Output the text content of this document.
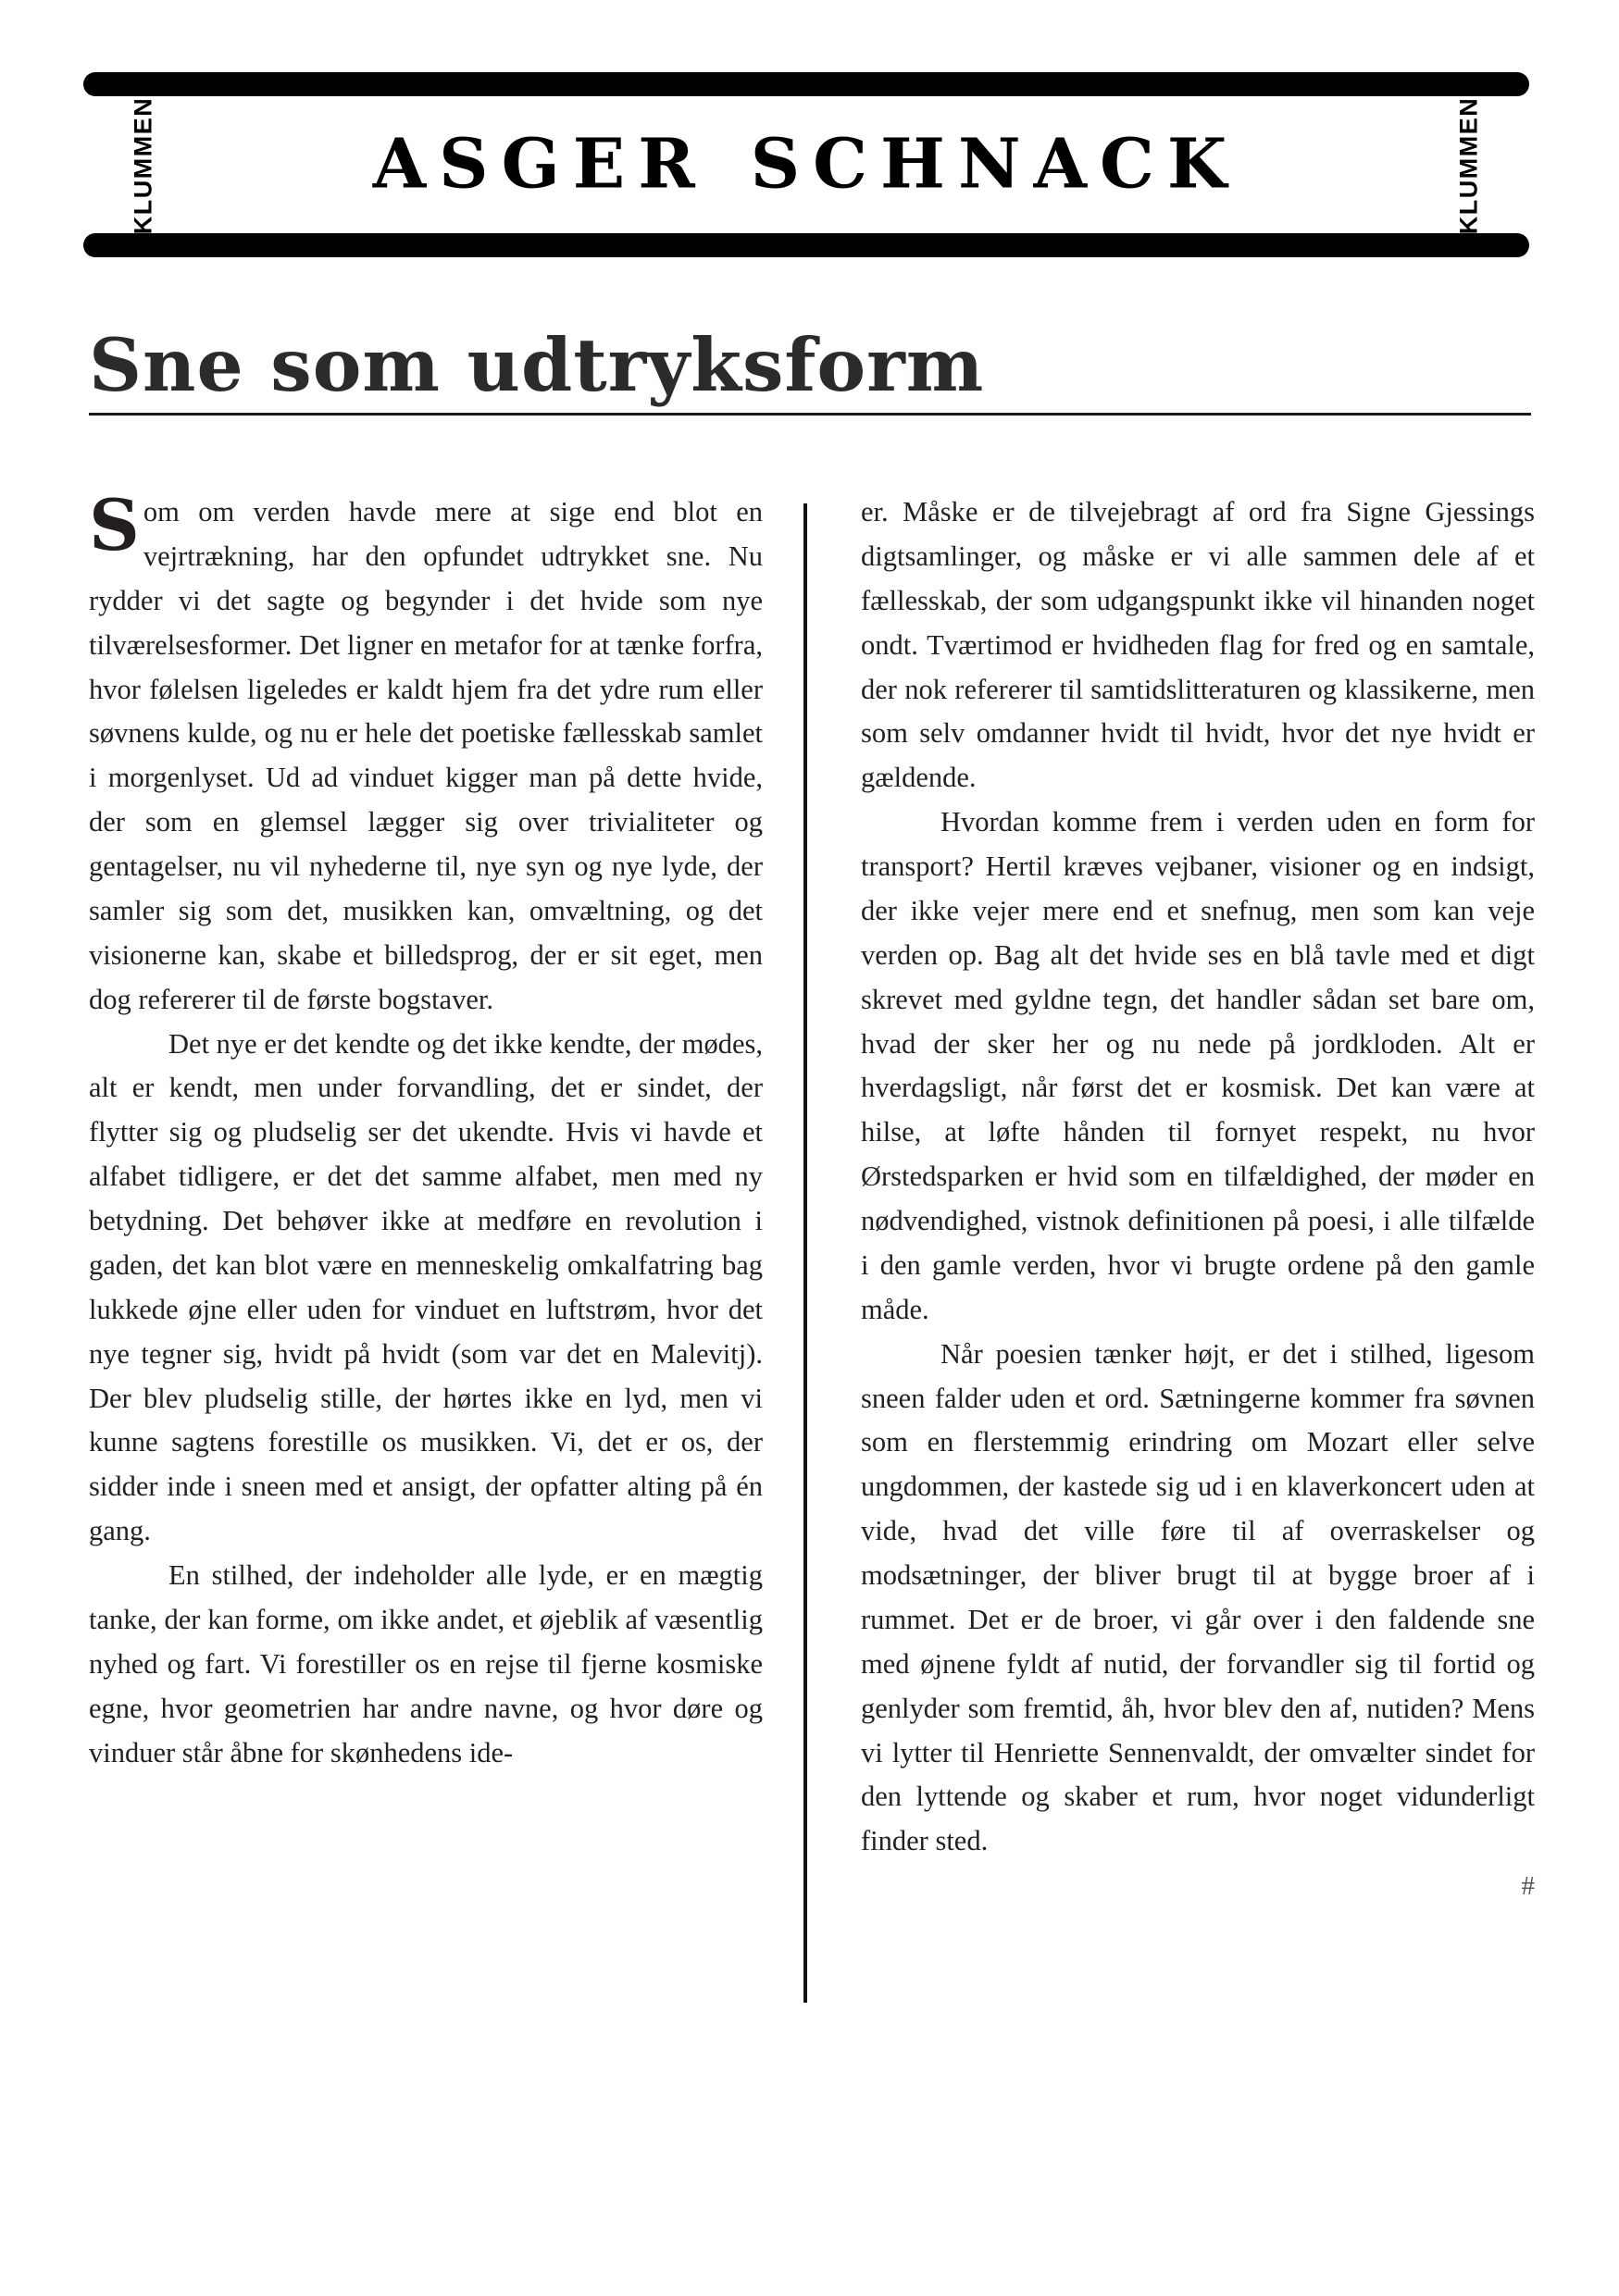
KLUMMEN	ASGER SCHNACK	KLUMMEN
Sne som udtryksform

Som om verden havde mere at sige end blot en vejrtrækning, har den opfundet udtrykket sne. Nu rydder vi det sagte og begynder i det hvide som nye tilværelsesformer. Det ligner en metafor for at tænke forfra, hvor følelsen ligeledes er kaldt hjem fra det ydre rum eller søvnens kulde, og nu er hele det poetiske fællesskab samlet i morgenlyset. Ud ad vinduet kigger man på dette hvide, der som en glemsel lægger sig over trivialiteter og gentagelser, nu vil nyhederne til, nye syn og nye lyde, der samler sig som det, musikken kan, omvæltning, og det visionerne kan, skabe et billedsprog, der er sit eget, men dog refererer til de første bogstaver.

Det nye er det kendte og det ikke kendte, der mødes, alt er kendt, men under forvandling, det er sindet, der flytter sig og pludselig ser det ukendte. Hvis vi havde et alfabet tidligere, er det det samme alfabet, men med ny betydning. Det behøver ikke at medføre en revolution i gaden, det kan blot være en menneskelig omkalfatring bag lukkede øjne eller uden for vinduet en luftstrøm, hvor det nye tegner sig, hvidt på hvidt (som var det en Malevitj). Der blev pludselig stille, der hørtes ikke en lyd, men vi kunne sagtens forestille os musikken. Vi, det er os, der sidder inde i sneen med et ansigt, der opfatter alting på én gang.

En stilhed, der indeholder alle lyde, er en mægtig tanke, der kan forme, om ikke andet, et øjeblik af væsentlig nyhed og fart. Vi forestiller os en rejse til fjerne kosmiske egne, hvor geometrien har andre navne, og hvor døre og vinduer står åbne for skønhedens ide-

er. Måske er de tilvejebragt af ord fra Signe Gjessings digtsamlinger, og måske er vi alle sammen dele af et fællesskab, der som udgangspunkt ikke vil hinanden noget ondt. Tværtimod er hvidheden flag for fred og en samtale, der nok refererer til samtidslitteraturen og klassikerne, men som selv omdanner hvidt til hvidt, hvor det nye hvidt er gældende.

Hvordan komme frem i verden uden en form for transport? Hertil kræves vejbaner, visioner og en indsigt, der ikke vejer mere end et snefnug, men som kan veje verden op. Bag alt det hvide ses en blå tavle med et digt skrevet med gyldne tegn, det handler sådan set bare om, hvad der sker her og nu nede på jordkloden. Alt er hverdagsligt, når først det er kosmisk. Det kan være at hilse, at løfte hånden til fornyet respekt, nu hvor Ørstedsparken er hvid som en tilfældighed, der møder en nødvendighed, vistnok definitionen på poesi, i alle tilfælde i den gamle verden, hvor vi brugte ordene på den gamle måde.

Når poesien tænker højt, er det i stilhed, ligesom sneen falder uden et ord. Sætningerne kommer fra søvnen som en flerstemmig erindring om Mozart eller selve ungdommen, der kastede sig ud i en klaverkoncert uden at vide, hvad det ville føre til af overraskelser og modsætninger, der bliver brugt til at bygge broer af i rummet. Det er de broer, vi går over i den faldende sne med øjnene fyldt af nutid, der forvandler sig til fortid og genlyder som fremtid, åh, hvor blev den af, nutiden? Mens vi lytter til Henriette Sennenvaldt, der omvælter sindet for den lyttende og skaber et rum, hvor noget vidunderligt finder sted.
#
